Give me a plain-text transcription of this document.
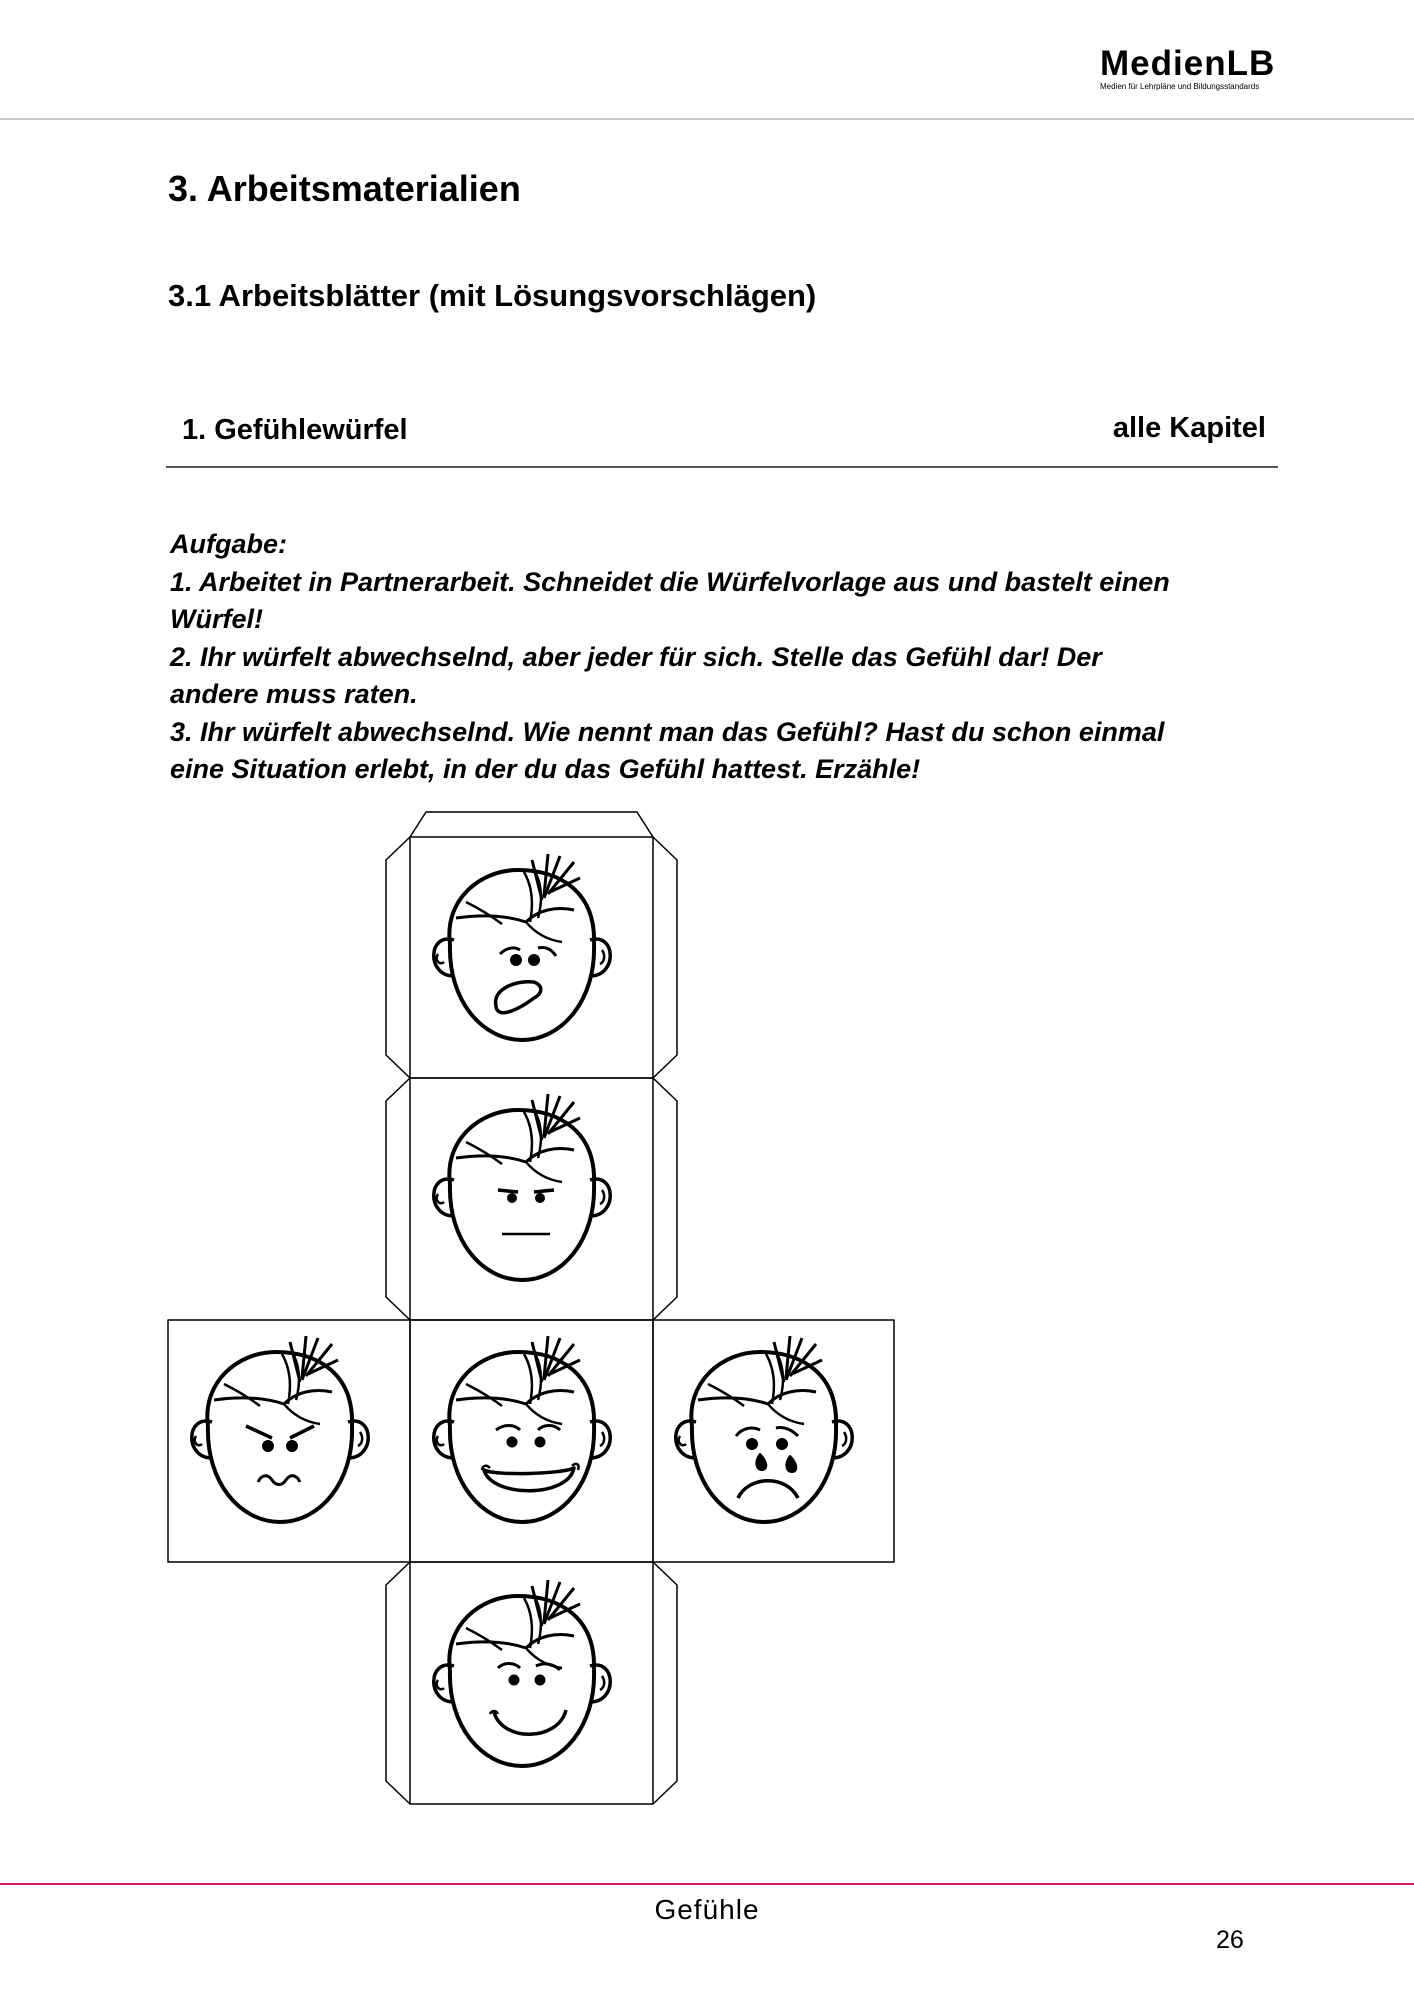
MedienLB
Medien für Lehrpläne und Bildungsstandards
3. Arbeitsmaterialien
3.1 Arbeitsblätter (mit Lösungsvorschlägen)
1. Gefühlewürfel	alle Kapitel
Aufgabe:
1. Arbeitet in Partnerarbeit. Schneidet die Würfelvorlage aus und bastelt einen
Würfel!
2. Ihr würfelt abwechselnd, aber jeder für sich. Stelle das Gefühl dar! Der
andere muss raten.
3. Ihr würfelt abwechselnd. Wie nennt man das Gefühl? Hast du schon einmal
eine Situation erlebt, in der du das Gefühl hattest. Erzähle!
Gefühle
26
